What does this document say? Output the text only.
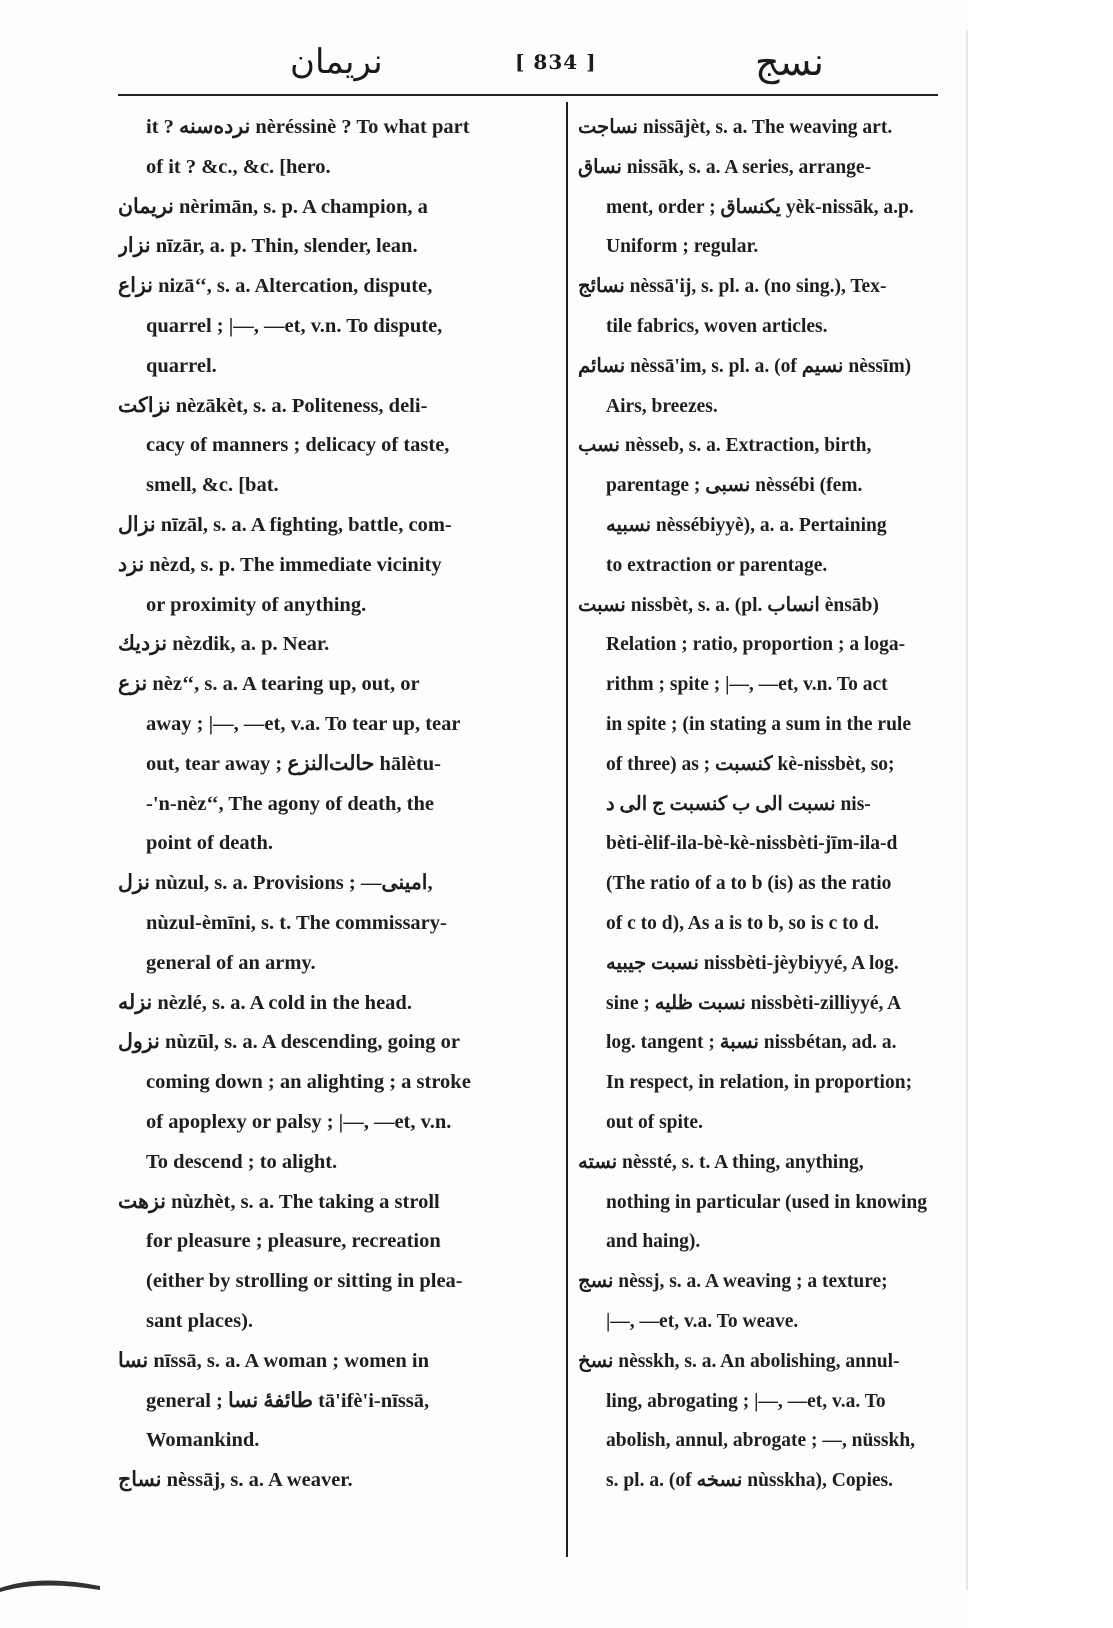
نريمان	[ 834 ]	نسج
it ? نرده‌سنه nèréssinè ? To what part
of it ? &c., &c. [hero.
نريمان nèrimān, s. p. A champion, a
نزار nīzār, a. p. Thin, slender, lean.
نزاع nizā‘‘, s. a. Altercation, dispute,
quarrel ; ‎|—, —et, v.n. To dispute,
quarrel.
نزاكت nèzākèt, s. a. Politeness, deli-
cacy of manners ; delicacy of taste,
smell, &c. [bat.
نزال nīzāl, s. a. A fighting, battle, com-
نزد nèzd, s. p. The immediate vicinity
or proximity of anything.
نزديك nèzdik, a. p. Near.
نزع nèz‘‘, s. a. A tearing up, out, or
away ; ‎|—, —et, v.a. To tear up, tear
out, tear away ; حالت‌النزع hālètu-
-'n-nèz‘‘, The agony of death, the
point of death.
نزل nùzul, s. a. Provisions ; —امينى,
nùzul-èmīni, s. t. The commissary-
general of an army.
نزله nèzlé, s. a. A cold in the head.
نزول nùzūl, s. a. A descending, going or
coming down ; an alighting ; a stroke
of apoplexy or palsy ; ‎|—, —et, v.n.
To descend ; to alight.
نزهت nùzhèt, s. a. The taking a stroll
for pleasure ; pleasure, recreation
(either by strolling or sitting in plea-
sant places).
نسا nīssā, s. a. A woman ; women in
general ; طائفهٔ نسا tā'ifè'i-nīssā,
Womankind.
نساج nèssāj, s. a. A weaver.
نساجت nissājèt, s. a. The weaving art.
نساق nissāk, s. a. A series, arrange-
ment, order ; يكنساق yèk-nissāk, a.p.
Uniform ; regular.
نسائج nèssā'ij, s. pl. a. (no sing.), Tex-
tile fabrics, woven articles.
نسائم nèssā'im, s. pl. a. (of نسيم nèssīm)
Airs, breezes.
نسب nèsseb, s. a. Extraction, birth,
parentage ; نسبى nèssébi (fem.
نسبيه nèssébiyyè), a. a. Pertaining
to extraction or parentage.
نسبت nissbèt, s. a. (pl. انساب ènsāb)
Relation ; ratio, proportion ; a loga-
rithm ; spite ; ‎|—, —et, v.n. To act
in spite ; (in stating a sum in the rule
of three) as ; كنسبت kè-nissbèt, so;
نسبت الى ب كنسبت ج الى د nis-
bèti-èlif-ila-bè-kè-nissbèti-jīm-ila-d
(The ratio of a to b (is) as the ratio
of c to d), As a is to b, so is c to d.
نسبت جيبيه nissbèti-jèybiyyé, A log.
sine ; نسبت ظليه nissbèti-zilliyyé, A
log. tangent ; نسبة nissbétan, ad. a.
In respect, in relation, in proportion;
out of spite.
نسته nèssté, s. t. A thing, anything,
nothing in particular (used in knowing
and haing).
نسج nèssj, s. a. A weaving ; a texture;
‎|—, —et, v.a. To weave.
نسخ nèsskh, s. a. An abolishing, annul-
ling, abrogating ; ‎|—, —et, v.a. To
abolish, annul, abrogate ; —, nüsskh,
s. pl. a. (of نسخه nùsskha), Copies.
